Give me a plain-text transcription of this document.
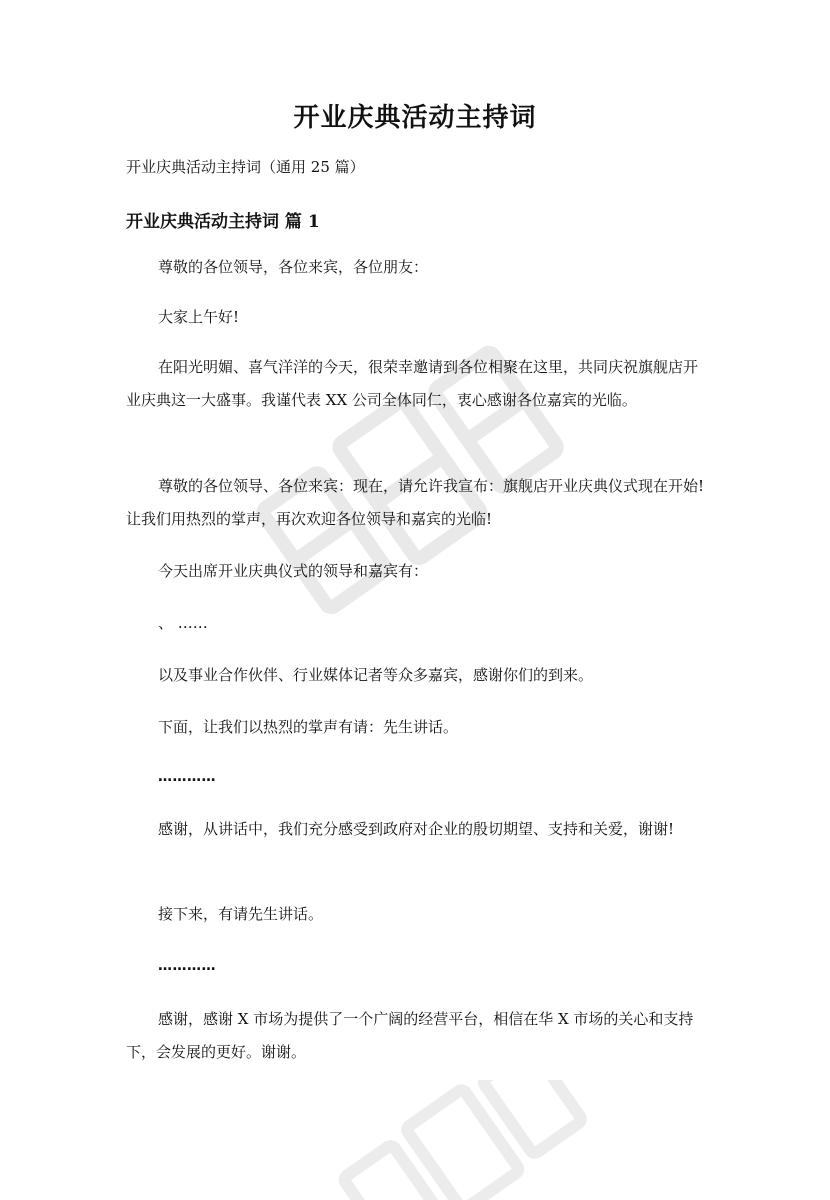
开业庆典活动主持词
开业庆典活动主持词（通用 25 篇）
开业庆典活动主持词 篇 1

尊敬的各位领导，各位来宾，各位朋友：

大家上午好!

在阳光明媚、喜气洋洋的今天，很荣幸邀请到各位相聚在这里，共同庆祝旗舰店开业庆典这一大盛事。我谨代表 XX 公司全体同仁，衷心感谢各位嘉宾的光临。

尊敬的各位领导、各位来宾：现在，请允许我宣布：旗舰店开业庆典仪式现在开始!让我们用热烈的掌声，再次欢迎各位领导和嘉宾的光临!

今天出席开业庆典仪式的领导和嘉宾有：

、 ……

以及事业合作伙伴、行业媒体记者等众多嘉宾，感谢你们的到来。

下面，让我们以热烈的掌声有请：先生讲话。

…………

感谢，从讲话中，我们充分感受到政府对企业的殷切期望、支持和关爱，谢谢!

接下来，有请先生讲话。

…………

感谢，感谢 X 市场为提供了一个广阔的经营平台，相信在华 X 市场的关心和支持下，会发展的更好。谢谢。
